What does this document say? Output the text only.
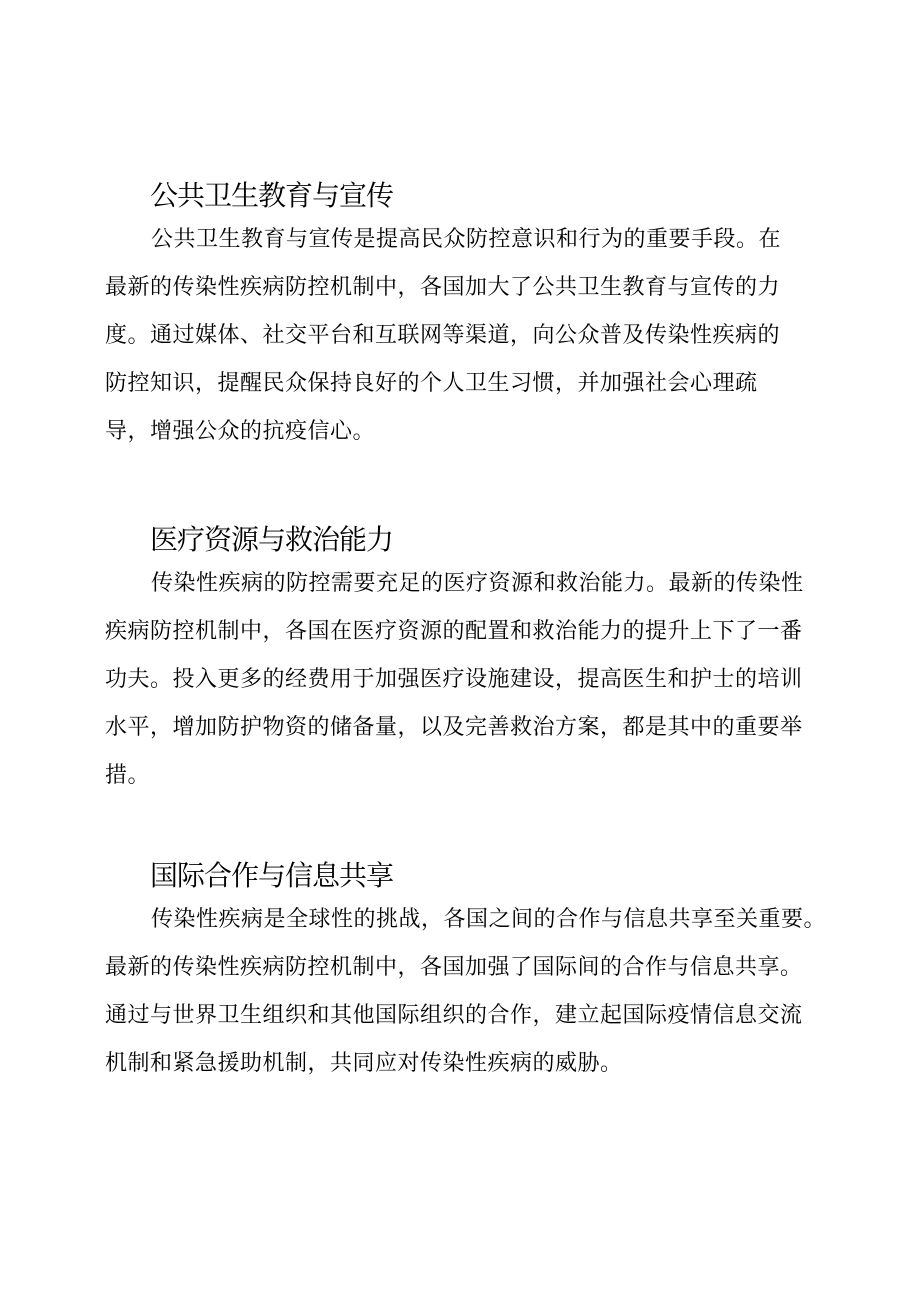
公共卫生教育与宣传

公共卫生教育与宣传是提高民众防控意识和行为的重要手段。在

最新的传染性疾病防控机制中，各国加大了公共卫生教育与宣传的力

度。通过媒体、社交平台和互联网等渠道，向公众普及传染性疾病的

防控知识，提醒民众保持良好的个人卫生习惯，并加强社会心理疏

导，增强公众的抗疫信心。

医疗资源与救治能力

传染性疾病的防控需要充足的医疗资源和救治能力。最新的传染性

疾病防控机制中，各国在医疗资源的配置和救治能力的提升上下了一番

功夫。投入更多的经费用于加强医疗设施建设，提高医生和护士的培训

水平，增加防护物资的储备量，以及完善救治方案，都是其中的重要举

措。

国际合作与信息共享

传染性疾病是全球性的挑战，各国之间的合作与信息共享至关重要。

最新的传染性疾病防控机制中，各国加强了国际间的合作与信息共享。

通过与世界卫生组织和其他国际组织的合作，建立起国际疫情信息交流

机制和紧急援助机制，共同应对传染性疾病的威胁。
